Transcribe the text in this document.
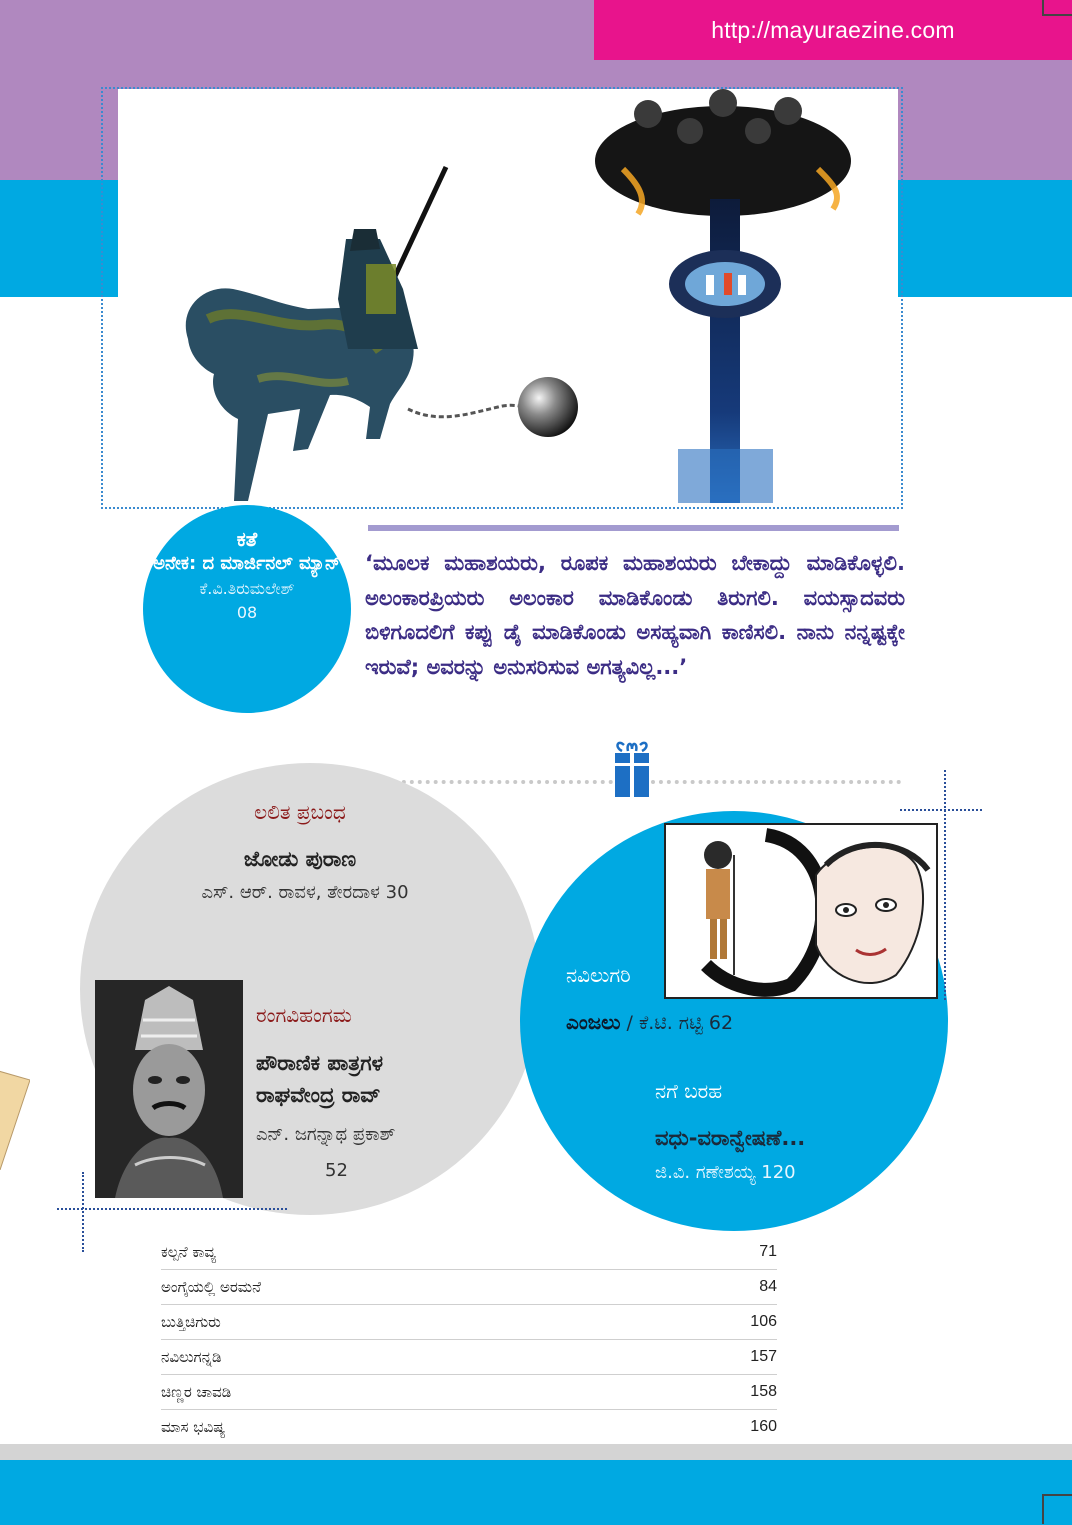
http://mayuraezine.com
ಕತೆ
ಅನೇಕ: ದ ಮಾರ್ಜಿನಲ್ ಮ್ಯಾನ್
ಕೆ.ವಿ.ತಿರುಮಲೇಶ್
08
‘ಮೂಲಕ ಮಹಾಶಯರು, ರೂಪಕ ಮಹಾಶಯರು ಬೇಕಾದ್ದು ಮಾಡಿಕೊಳ್ಳಲಿ. ಅಲಂಕಾರಪ್ರಿಯರು ಅಲಂಕಾರ ಮಾಡಿಕೊಂಡು ತಿರುಗಲಿ. ವಯಸ್ಸಾದವರು ಬಿಳಿಗೂದಲಿಗೆ ಕಪ್ಪು ಡೈ ಮಾಡಿಕೊಂಡು ಅಸಹ್ಯವಾಗಿ ಕಾಣಿಸಲಿ. ನಾನು ನನ್ನಷ್ಟಕ್ಕೇ ಇರುವೆ; ಅವರನ್ನು ಅನುಸರಿಸುವ ಅಗತ್ಯವಿಲ್ಲ...’
ಲಲಿತ ಪ್ರಬಂಧ
ಜೋಡು ಪುರಾಣ
ಎಸ್. ಆರ್. ರಾವಳ, ತೇರದಾಳ 30
ರಂಗವಿಹಂಗಮ
ಪೌರಾಣಿಕ ಪಾತ್ರಗಳ
ರಾಘವೇಂದ್ರ ರಾವ್
ಎನ್. ಜಗನ್ನಾಥ ಪ್ರಕಾಶ್
52
ನವಿಲುಗರಿ
ಎಂಜಲು / ಕೆ.ಟಿ. ಗಟ್ಟಿ 62
ನಗೆ ಬರಹ
ವಧು-ವರಾನ್ವೇಷಣೆ...
ಜಿ.ವಿ. ಗಣೇಶಯ್ಯ 120
ಕಲ್ಪನೆ ಕಾವ್ಯ	71
ಅಂಗೈಯಲ್ಲಿ ಅರಮನೆ	84
ಬುತ್ತಿಚಿಗುರು	106
ನವಿಲುಗನ್ನಡಿ	157
ಚಿಣ್ಣರ ಚಾವಡಿ	158
ಮಾಸ ಭವಿಷ್ಯ	160
